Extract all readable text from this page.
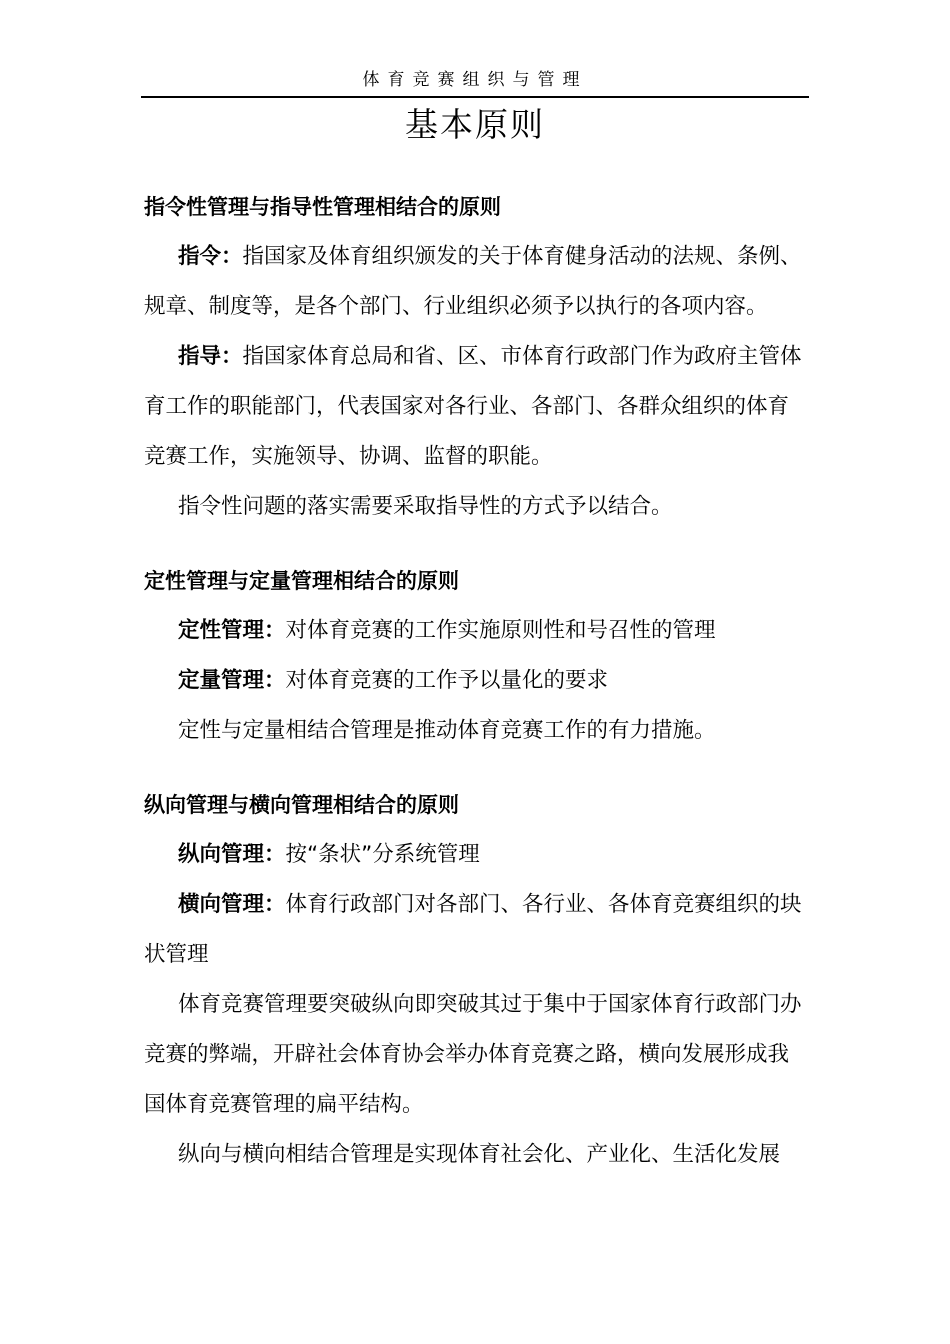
体育竞赛组织与管理
基本原则
指令性管理与指导性管理相结合的原则

指令：指国家及体育组织颁发的关于体育健身活动的法规、条例、规章、制度等，是各个部门、行业组织必须予以执行的各项内容。

指导：指国家体育总局和省、区、市体育行政部门作为政府主管体育工作的职能部门，代表国家对各行业、各部门、各群众组织的体育竞赛工作，实施领导、协调、监督的职能。

指令性问题的落实需要采取指导性的方式予以结合。

定性管理与定量管理相结合的原则

定性管理：对体育竞赛的工作实施原则性和号召性的管理

定量管理：对体育竞赛的工作予以量化的要求

定性与定量相结合管理是推动体育竞赛工作的有力措施。

纵向管理与横向管理相结合的原则

纵向管理：按“条状”分系统管理

横向管理：体育行政部门对各部门、各行业、各体育竞赛组织的块状管理

体育竞赛管理要突破纵向即突破其过于集中于国家体育行政部门办竞赛的弊端，开辟社会体育协会举办体育竞赛之路，横向发展形成我国体育竞赛管理的扁平结构。

纵向与横向相结合管理是实现体育社会化、产业化、生活化发展
